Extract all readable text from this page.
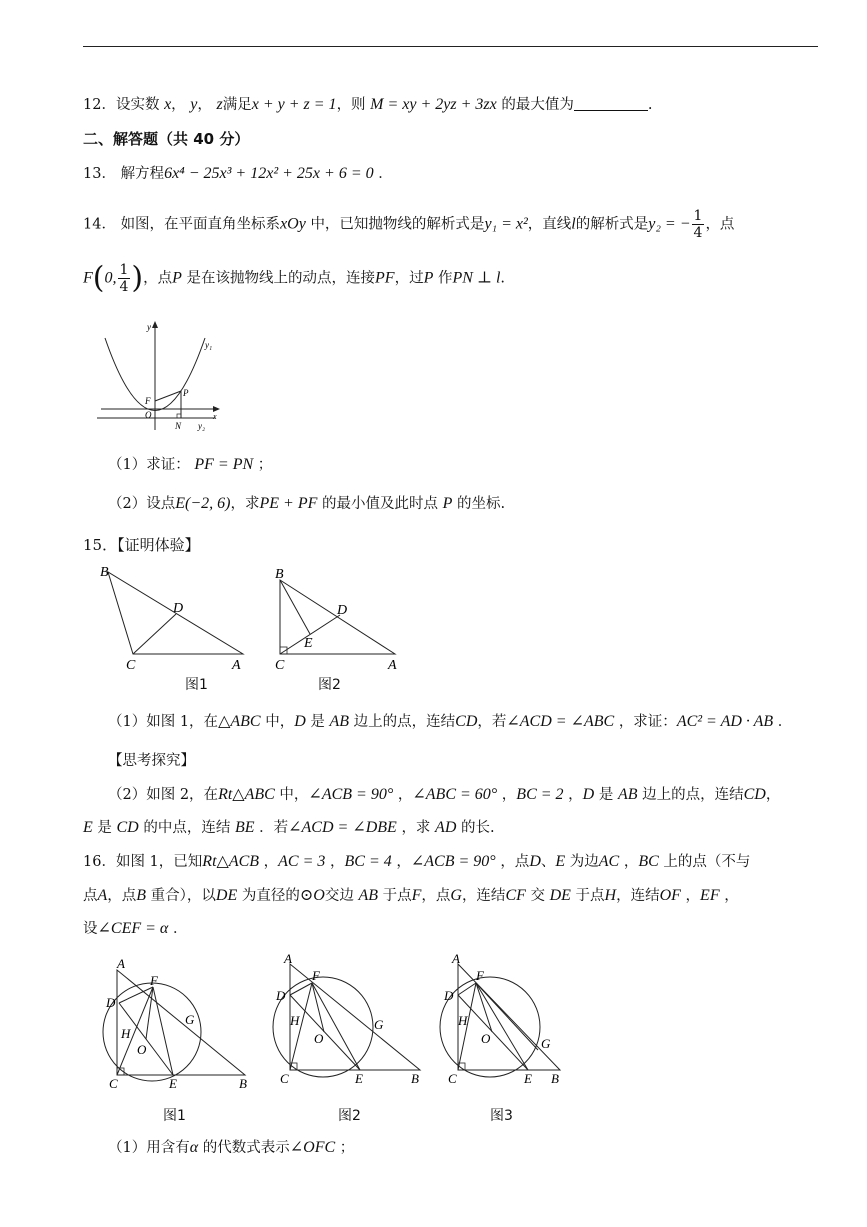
12．设实数 x， y， z满足x + y + z = 1，则 M = xy + 2yz + 3zx 的最大值为	.
二、解答题（共 40 分）
13． 解方程6x⁴ − 25x³ + 12x² + 25x + 6 = 0 ．
14． 如图，在平面直角坐标系xOy 中，已知抛物线的解析式是y₁ = x²，直线l的解析式是y₂ = − $\frac{1}{4}$ ，点
F(0, $\frac{1}{4}$ )，点P 是在该抛物线上的动点，连接PF，过P 作PN ⊥ l.
y
y₁
F
P
O
N y₂
x
（1）求证： PF = PN ；
（2）设点E(−2, 6)，求PE + PF 的最小值及此时点 P 的坐标.
15．【证明体验】
B
D
C	A
图1
B
D
E
C	A
图2
（1）如图 1，在△ABC 中，D 是 AB 边上的点，连结CD，若∠ACD = ∠ABC ，求证：AC² = AD · AB ．
【思考探究】
（2）如图 2，在Rt△ABC 中，∠ACB = 90° ，∠ABC = 60° ，BC = 2 ，D 是 AB 边上的点，连结CD，
E 是 CD 的中点，连结 BE ．若∠ACD = ∠DBE ，求 AD 的长.
16．如图 1，已知Rt△ACB ，AC = 3 ，BC = 4 ，∠ACB = 90° ，点D、E 为边AC ，BC 上的点（不与
点A，点B 重合），以DE 为直径的⊙O交边 AB 于点F，点G，连结CF 交 DE 于点H，连结OF ，EF ，
设∠CEF = α ．
A
F
D
G
H
O
C	E	B
图1
A
F
D
G
H
O
C	E	B
图2
A
F
D
G
H
O
C	E B
图3
（1）用含有α 的代数式表示∠OFC ；
